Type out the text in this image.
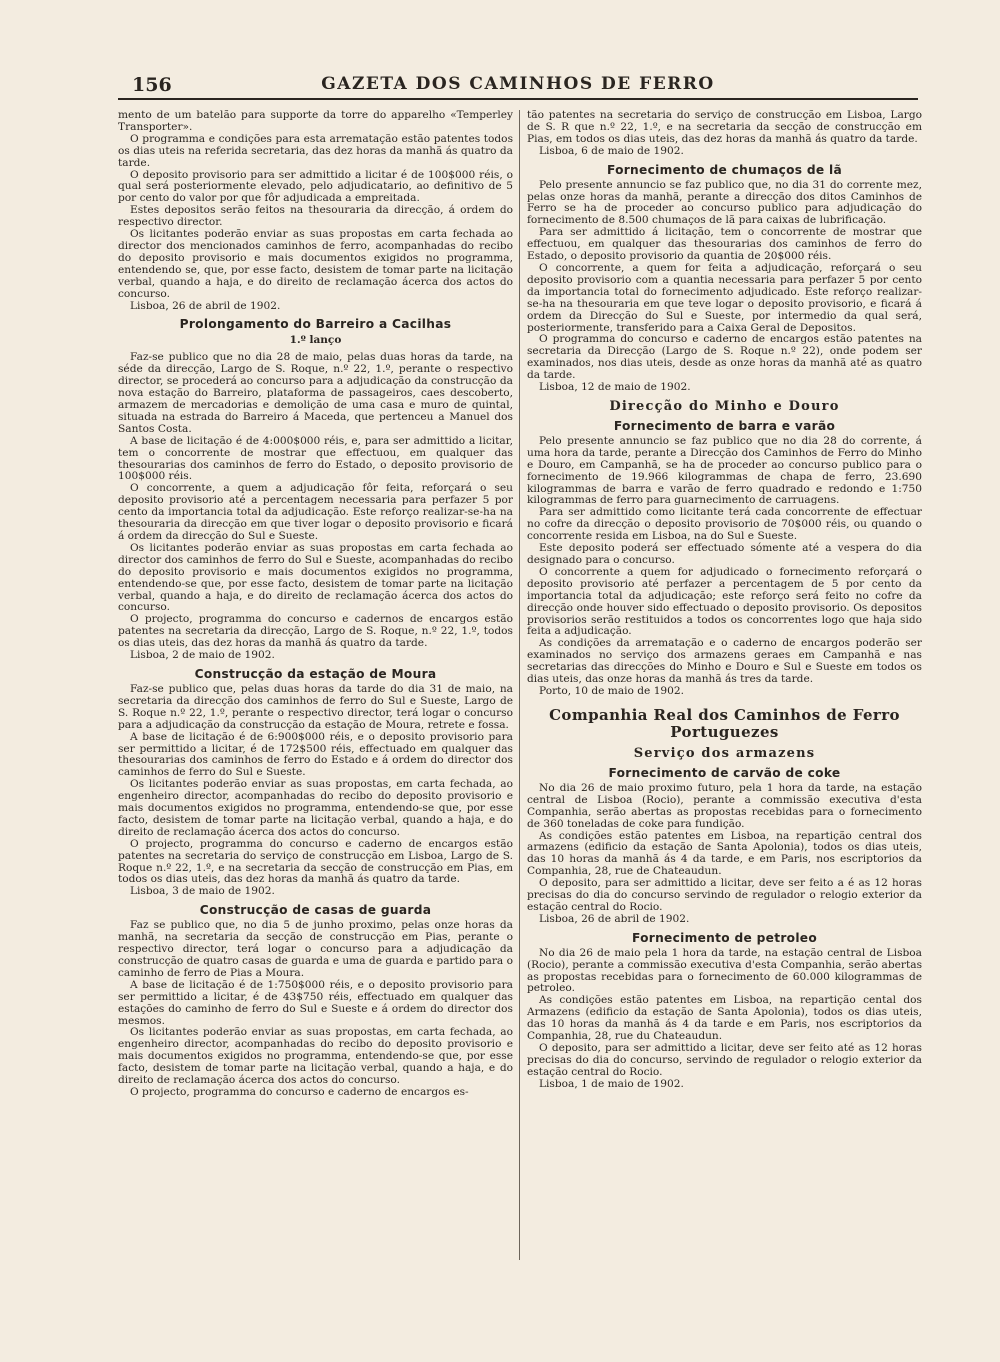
156	GAZETA DOS CAMINHOS DE FERRO

mento de um batelão para supporte da torre do apparelho «Temperley Transporter».

O programma e condições para esta arrematação estão patentes todos os dias uteis na referida secretaria, das dez horas da manhã ás quatro da tarde.

O deposito provisorio para ser admittido a licitar é de 100$000 réis, o qual será posteriormente elevado, pelo adjudicatario, ao definitivo de 5 por cento do valor por que fôr adjudicada a empreitada.

Estes depositos serão feitos na thesouraria da direcção, á ordem do respectivo director.

Os licitantes poderão enviar as suas propostas em carta fechada ao director dos mencionados caminhos de ferro, acompanhadas do recibo do deposito provisorio e mais documentos exigidos no programma, entendendo se, que, por esse facto, desistem de tomar parte na licitação verbal, quando a haja, e do direito de reclamação ácerca dos actos do concurso.

Lisboa, 26 de abril de 1902.

Prolongamento do Barreiro a Cacilhas
1.º lanço

Faz-se publico que no dia 28 de maio, pelas duas horas da tarde, na séde da direcção, Largo de S. Roque, n.º 22, 1.º, perante o respectivo director, se procederá ao concurso para a adjudicação da construcção da nova estação do Barreiro, plataforma de passageiros, caes descoberto, armazem de mercadorias e demolição de uma casa e muro de quintal, situada na estrada do Barreiro á Maceda, que pertenceu a Manuel dos Santos Costa.

A base de licitação é de 4:000$000 réis, e, para ser admittido a licitar, tem o concorrente de mostrar que effectuou, em qualquer das thesourarias dos caminhos de ferro do Estado, o deposito provisorio de 100$000 réis.

O concorrente, a quem a adjudicação fôr feita, reforçará o seu deposito provisorio até a percentagem necessaria para perfazer 5 por cento da importancia total da adjudicação. Este reforço realizar-se-ha na thesouraria da direcção em que tiver logar o deposito provisorio e ficará á ordem da direcção do Sul e Sueste.

Os licitantes poderão enviar as suas propostas em carta fechada ao director dos caminhos de ferro do Sul e Sueste, acompanhadas do recibo do deposito provisorio e mais documentos exigidos no programma, entendendo-se que, por esse facto, desistem de tomar parte na licitação verbal, quando a haja, e do direito de reclamação ácerca dos actos do concurso.

O projecto, programma do concurso e cadernos de encargos estão patentes na secretaria da direcção, Largo de S. Roque, n.º 22, 1.º, todos os dias uteis, das dez horas da manhã ás quatro da tarde.

Lisboa, 2 de maio de 1902.

Construcção da estação de Moura

Faz-se publico que, pelas duas horas da tarde do dia 31 de maio, na secretaria da direcção dos caminhos de ferro do Sul e Sueste, Largo de S. Roque n.º 22, 1.º, perante o respectivo director, terá logar o concurso para a adjudicação da construcção da estação de Moura, retrete e fossa.

A base de licitação é de 6:900$000 réis, e o deposito provisorio para ser permittido a licitar, é de 172$500 réis, effectuado em qualquer das thesourarias dos caminhos de ferro do Estado e á ordem do director dos caminhos de ferro do Sul e Sueste.

Os licitantes poderão enviar as suas propostas, em carta fechada, ao engenheiro director, acompanhadas do recibo do deposito provisorio e mais documentos exigidos no programma, entendendo-se que, por esse facto, desistem de tomar parte na licitação verbal, quando a haja, e do direito de reclamação ácerca dos actos do concurso.

O projecto, programma do concurso e caderno de encargos estão patentes na secretaria do serviço de construcção em Lisboa, Largo de S. Roque n.º 22, 1.º, e na secretaria da secção de construcção em Pias, em todos os dias uteis, das dez horas da manhã ás quatro da tarde.

Lisboa, 3 de maio de 1902.

Construcção de casas de guarda

Faz se publico que, no dia 5 de junho proximo, pelas onze horas da manhã, na secretaria da secção de construcção em Pias, perante o respectivo director, terá logar o concurso para a adjudicação da construcção de quatro casas de guarda e uma de guarda e partido para o caminho de ferro de Pias a Moura.

A base de licitação é de 1:750$000 réis, e o deposito provisorio para ser permittido a licitar, é de 43$750 réis, effectuado em qualquer das estações do caminho de ferro do Sul e Sueste e á ordem do director dos mesmos.

Os licitantes poderão enviar as suas propostas, em carta fechada, ao engenheiro director, acompanhadas do recibo do deposito provisorio e mais documentos exigidos no programma, entendendo-se que, por esse facto, desistem de tomar parte na licitação verbal, quando a haja, e do direito de reclamação ácerca dos actos do concurso.

O projecto, programma do concurso e caderno de encargos es-

tão patentes na secretaria do serviço de construcção em Lisboa, Largo de S. R que n.º 22, 1.º, e na secretaria da secção de construcção em Pias, em todos os dias uteis, das dez horas da manhã ás quatro da tarde.

Lisboa, 6 de maio de 1902.

Fornecimento de chumaços de lã

Pelo presente annuncio se faz publico que, no dia 31 do corrente mez, pelas onze horas da manhã, perante a direcção dos ditos Caminhos de Ferro se ha de proceder ao concurso publico para adjudicação do fornecimento de 8.500 chumaços de lã para caixas de lubrificação.

Para ser admittido á licitação, tem o concorrente de mostrar que effectuou, em qualquer das thesourarias dos caminhos de ferro do Estado, o deposito provisorio da quantia de 20$000 réis.

O concorrente, a quem for feita a adjudicação, reforçará o seu deposito provisorio com a quantia necessaria para perfazer 5 por cento da importancia total do fornecimento adjudicado. Este reforço realizar-se-ha na thesouraria em que teve logar o deposito provisorio, e ficará á ordem da Direcção do Sul e Sueste, por intermedio da qual será, posteriormente, transferido para a Caixa Geral de Depositos.

O programma do concurso e caderno de encargos estão patentes na secretaria da Direcção (Largo de S. Roque n.º 22), onde podem ser examinados, nos dias uteis, desde as onze horas da manhã até as quatro da tarde.

Lisboa, 12 de maio de 1902.

Direcção do Minho e Douro
Fornecimento de barra e varão

Pelo presente annuncio se faz publico que no dia 28 do corrente, á uma hora da tarde, perante a Direcção dos Caminhos de Ferro do Minho e Douro, em Campanhã, se ha de proceder ao concurso publico para o fornecimento de 19.966 kilogrammas de chapa de ferro, 23.690 kilogrammas de barra e varão de ferro quadrado e redondo e 1:750 kilogrammas de ferro para guarnecimento de carruagens.

Para ser admittido como licitante terá cada concorrente de effectuar no cofre da direcção o deposito provisorio de 70$000 réis, ou quando o concorrente resida em Lisboa, na do Sul e Sueste.

Este deposito poderá ser effectuado sómente até a vespera do dia designado para o concurso.

O concorrente a quem for adjudicado o fornecimento reforçará o deposito provisorio até perfazer a percentagem de 5 por cento da importancia total da adjudicação; este reforço será feito no cofre da direcção onde houver sido effectuado o deposito provisorio. Os depositos provisorios serão restituidos a todos os concorrentes logo que haja sido feita a adjudicação.

As condições da arrematação e o caderno de encargos poderão ser examinados no serviço dos armazens geraes em Campanhã e nas secretarias das direcções do Minho e Douro e Sul e Sueste em todos os dias uteis, das onze horas da manhã ás tres da tarde.

Porto, 10 de maio de 1902.

Companhia Real dos Caminhos de Ferro Portuguezes
Serviço dos armazens
Fornecimento de carvão de coke

No dia 26 de maio proximo futuro, pela 1 hora da tarde, na estação central de Lisboa (Rocio), perante a commissão executiva d'esta Companhia, serão abertas as propostas recebidas para o fornecimento de 360 toneladas de coke para fundição.

As condições estão patentes em Lisboa, na repartição central dos armazens (edificio da estação de Santa Apolonia), todos os dias uteis, das 10 horas da manhã ás 4 da tarde, e em Paris, nos escriptorios da Companhia, 28, rue de Chateaudun.

O deposito, para ser admittido a licitar, deve ser feito a é as 12 horas precisas do dia do concurso servindo de regulador o relogio exterior da estação central do Rocio.

Lisboa, 26 de abril de 1902.

Fornecimento de petroleo

No dia 26 de maio pela 1 hora da tarde, na estação central de Lisboa (Rocio), perante a commissão executiva d'esta Companhia, serão abertas as propostas recebidas para o fornecimento de 60.000 kilogrammas de petroleo.

As condições estão patentes em Lisboa, na repartição cental dos Armazens (edificio da estação de Santa Apolonia), todos os dias uteis, das 10 horas da manhã ás 4 da tarde e em Paris, nos escriptorios da Companhia, 28, rue du Chateaudun.

O deposito, para ser admittido a licitar, deve ser feito até as 12 horas precisas do dia do concurso, servindo de regulador o relogio exterior da estação central do Rocio.

Lisboa, 1 de maio de 1902.
